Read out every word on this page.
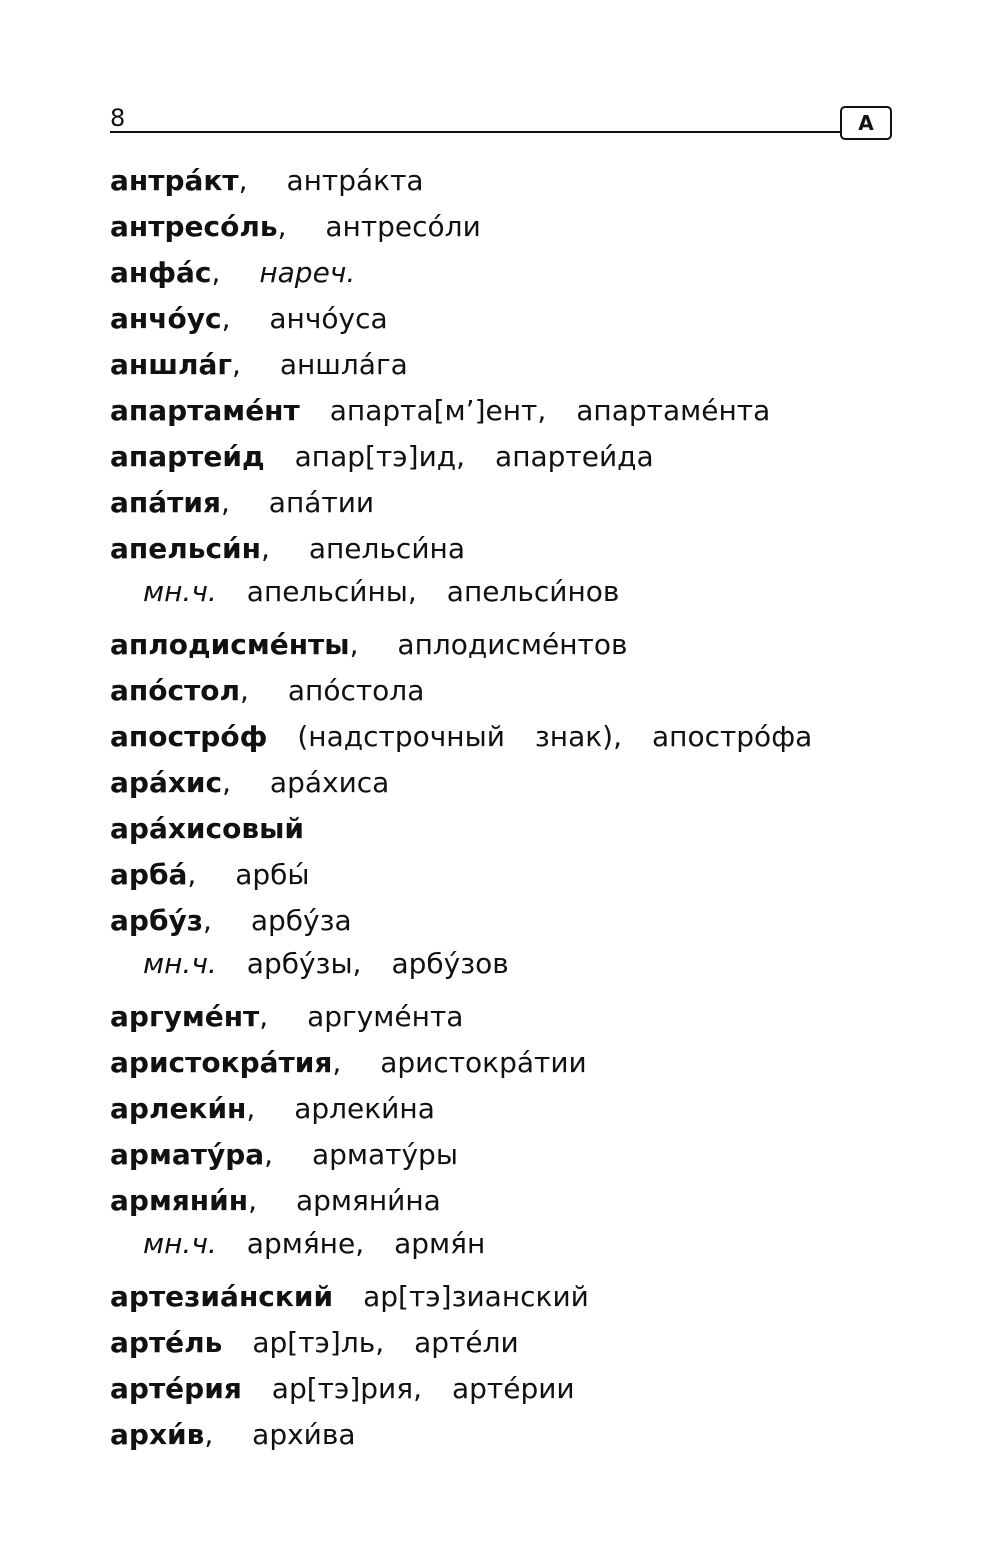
8	А
антра́кт, антра́кта
антресо́ль, антресо́ли
анфа́с, нареч.
анчо́ус, анчо́уса
аншла́г, аншла́га
апартаме́нт апарта[м’]ент, апартаме́нта
апартеи́д апар[тэ]ид, апартеи́да
апа́тия, апа́тии
апельси́н, апельси́на
мн.ч. апельси́ны, апельси́нов
аплодисме́нты, аплодисме́нтов
апо́стол, апо́стола
апостро́ф (надстрочный знак), апостро́фа
ара́хис, ара́хиса
ара́хисовый
арба́, арбы́
арбу́з, арбу́за
мн.ч. арбу́зы, арбу́зов
аргуме́нт, аргуме́нта
аристокра́тия, аристокра́тии
арлеки́н, арлеки́на
армату́ра, армату́ры
армяни́н, армяни́на
мн.ч. армя́не, армя́н
артезиа́нский ар[тэ]зианский
арте́ль ар[тэ]ль, арте́ли
арте́рия ар[тэ]рия, арте́рии
архи́в, архи́ва
